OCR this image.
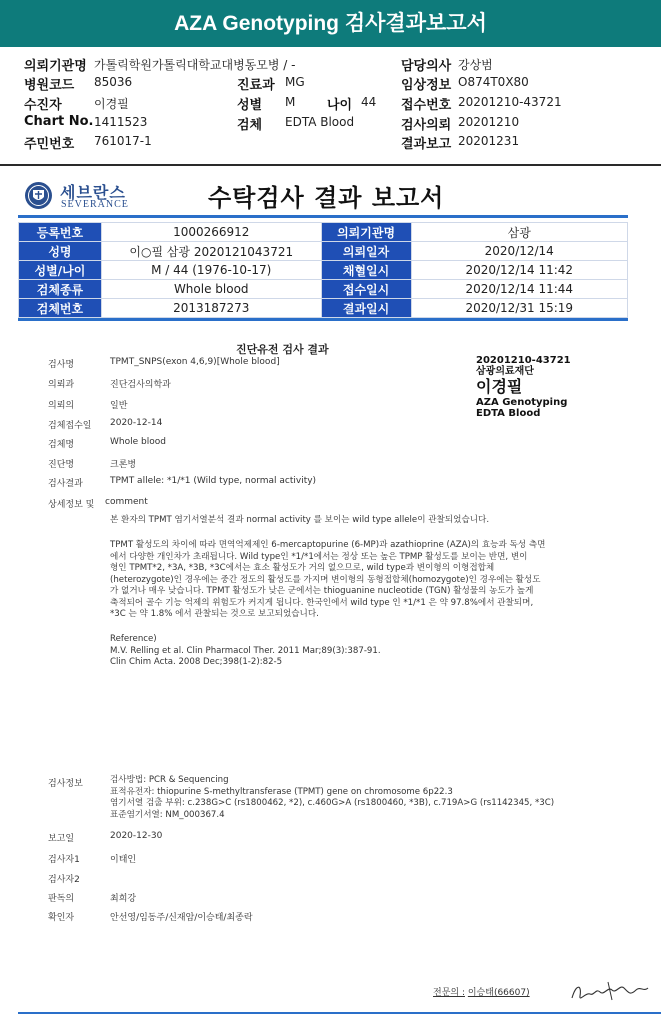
AZA Genotyping 검사결과보고서
의뢰기관명 가톨릭학원가톨릭대학교대병동모병 / -	담당의사 강상범
병원코드 85036	진료과 MG	임상정보 O874T0X80
수진자	이경필	성별 M 나이 44 접수번호 20201210-43721
Chart No. 1411523	검체 EDTA Blood	검사의뢰 20201210
주민번호 761017-1	결과보고 20201231
세브란스
SEVERANCE	수탁검사 결과 보고서
등록번호	1000266912	의뢰기관명	삼광
성명	이○필 삼광 2020121043721	의뢰일자	2020/12/14
성별/나이	M / 44 (1976-10-17)	채혈일시	2020/12/14 11:42
검체종류	Whole blood	접수일시	2020/12/14 11:44
검체번호	2013187273	결과일시	2020/12/31 15:19
진단유전 검사 결과
검사명	TPMT_SNPS(exon 4,6,9)[Whole blood]
의뢰과	진단검사의학과
의뢰의	일반
검체접수일 2020-12-14
검체명	Whole blood
진단명	크론병
검사결과	TPMT allele: *1/*1 (Wild type, normal activity)
상세정보 및 comment
20201210-43721
삼광의료재단
이경필
AZA Genotyping
EDTA Blood
본 환자의 TPMT 염기서열분석 결과 normal activity 를 보이는 wild type allele이 관찰되었습니다.
TPMT 활성도의 차이에 따라 면역억제제인 6-mercaptopurine (6-MP)과 azathioprine (AZA)의 효능과 독성 측면
에서 다양한 개인차가 초래됩니다. Wild type인 *1/*1에서는 정상 또는 높은 TPMP 활성도를 보이는 반면, 변이
형인 TPMT*2, *3A, *3B, *3C에서는 효소 활성도가 거의 없으므로, wild type과 변이형의 이형접합체
(heterozygote)인 경우에는 중간 정도의 활성도를 가지며 변이형의 동형접합체(homozygote)인 경우에는 활성도
가 없거나 매우 낮습니다. TPMT 활성도가 낮은 군에서는 thioguanine nucleotide (TGN) 활성물의 농도가 높게
축적되어 골수 기능 억제의 위험도가 커지게 됩니다. 한국인에서 wild type 인 *1/*1 은 약 97.8%에서 관찰되며,
*3C 는 약 1.8% 에서 관찰되는 것으로 보고되었습니다.
Reference)
M.V. Relling et al. Clin Pharmacol Ther. 2011 Mar;89(3):387-91.
Clin Chim Acta. 2008 Dec;398(1-2):82-5
검사정보	검사방법: PCR & Sequencing
표적유전자: thiopurine S-methyltransferase (TPMT) gene on chromosome 6p22.3
염기서열 검출 부위: c.238G>C (rs1800462, *2), c.460G>A (rs1800460, *3B), c.719A>G (rs1142345, *3C)
표준염기서열: NM_000367.4
보고일	2020-12-30
검사자1	이태인
검사자2
판독의	최희강
확인자	안선영/임동주/신재암/이승태/최종락
전문의 : 이승태(66607)
